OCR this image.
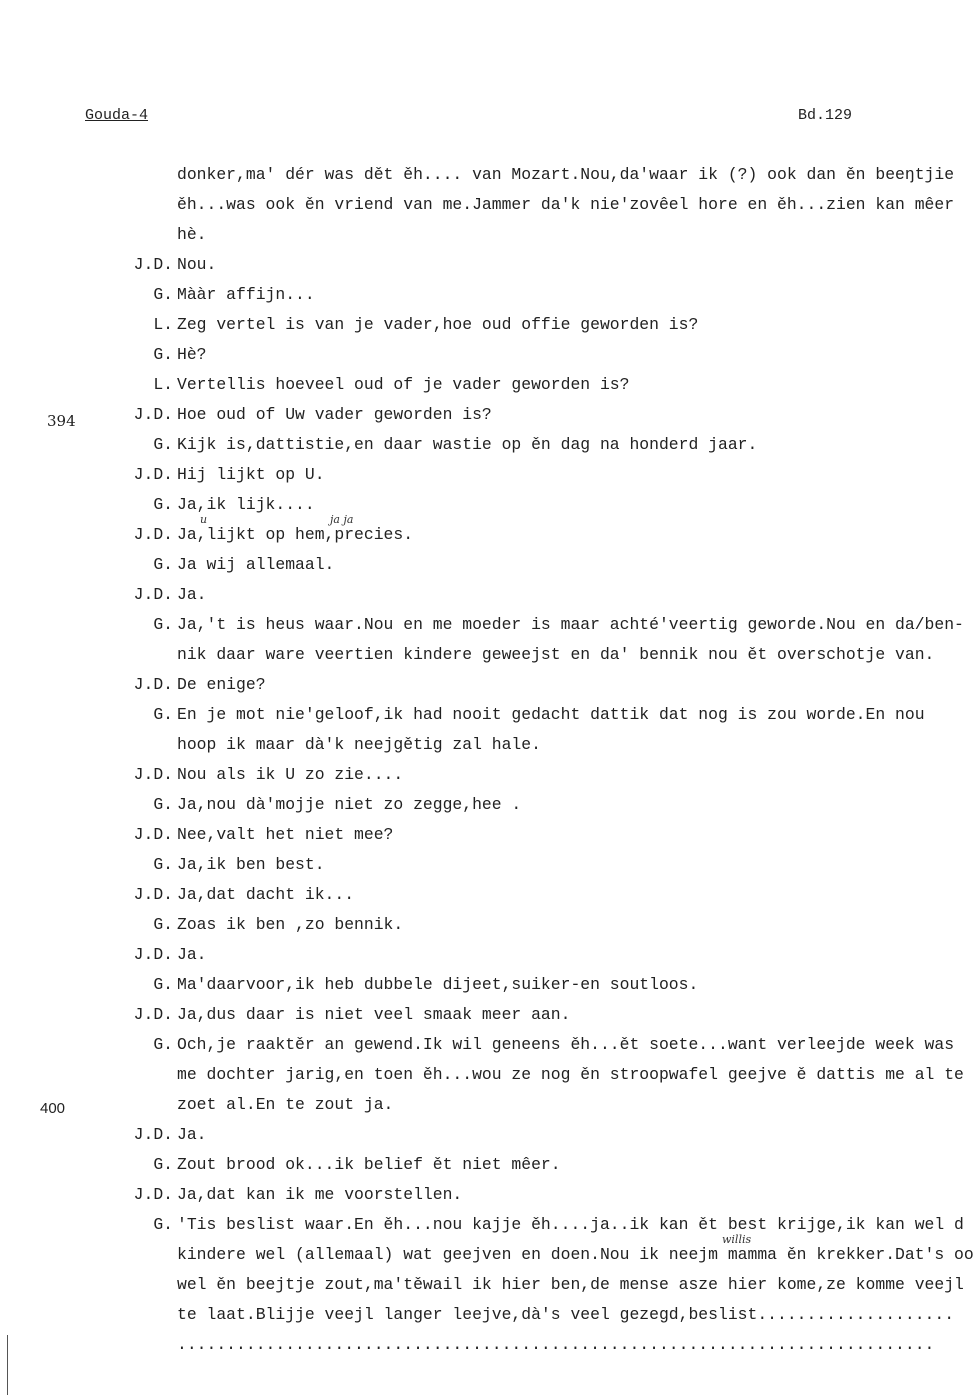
Gouda-4	Bd.129
394
400
u	ja ja
willis
donker,ma' dér was dět ěh.... van Mozart.Nou,da'waar ik (?) ook dan ěn beeŋtjie
ěh...was ook ěn vriend van me.Jammer da'k nie'zovêel hore en ěh...zien kan mêer
hè.
J.D. Nou.
G. Mààr affijn...
L. Zeg vertel is van je vader,hoe oud offie geworden is?
G. Hè?
L. Vertellis hoeveel oud of je vader geworden is?
J.D. Hoe oud of Uw vader geworden is?
G. Kijk is,dattistie,en daar wastie op ěn dag na honderd jaar.
J.D. Hij lijkt op U.
G. Ja,ik lijk....
J.D. Ja,lijkt op hem,precies.
G. Ja wij allemaal.
J.D. Ja.
G. Ja,'t is heus waar.Nou en me moeder is maar achté'veertig geworde.Nou en da/ben-
nik daar ware veertien kindere geweejst en da' bennik nou ět overschotje van.
J.D. De enige?
G. En je mot nie'geloof,ik had nooit gedacht dattik dat nog is zou worde.En nou
hoop ik maar dà'k neejgětig zal hale.
J.D. Nou als ik U zo zie....
G. Ja,nou dà'mojje niet zo zegge,hee .
J.D. Nee,valt het niet mee?
G. Ja,ik ben best.
J.D. Ja,dat dacht ik...
G. Zoas ik ben ,zo bennik.
J.D. Ja.
G. Ma'daarvoor,ik heb dubbele dijeet,suiker-en soutloos.
J.D. Ja,dus daar is niet veel smaak meer aan.
G. Och,je raaktěr an gewend.Ik wil geneens ěh...ět soete...want verleejde week was
me dochter jarig,en toen ěh...wou ze nog ěn stroopwafel geejve ě dattis me al te
zoet al.En te zout ja.
J.D. Ja.
G. Zout brood ok...ik belief ět niet mêer.
J.D. Ja,dat kan ik me voorstellen.
G. 'Tis beslist waar.En ěh...nou kajje ěh....ja..ik kan ět best krijge,ik kan wel d
kindere wel (allemaal) wat geejven en doen.Nou ik neejm mamma ěn krekker.Dat's oo
wel ěn beejtje zout,ma'těwail ik hier ben,de mense asze hier kome,ze komme veejl
te laat.Blijje veejl langer leejve,dà's veel gezegd,beslist....................
.............................................................................
